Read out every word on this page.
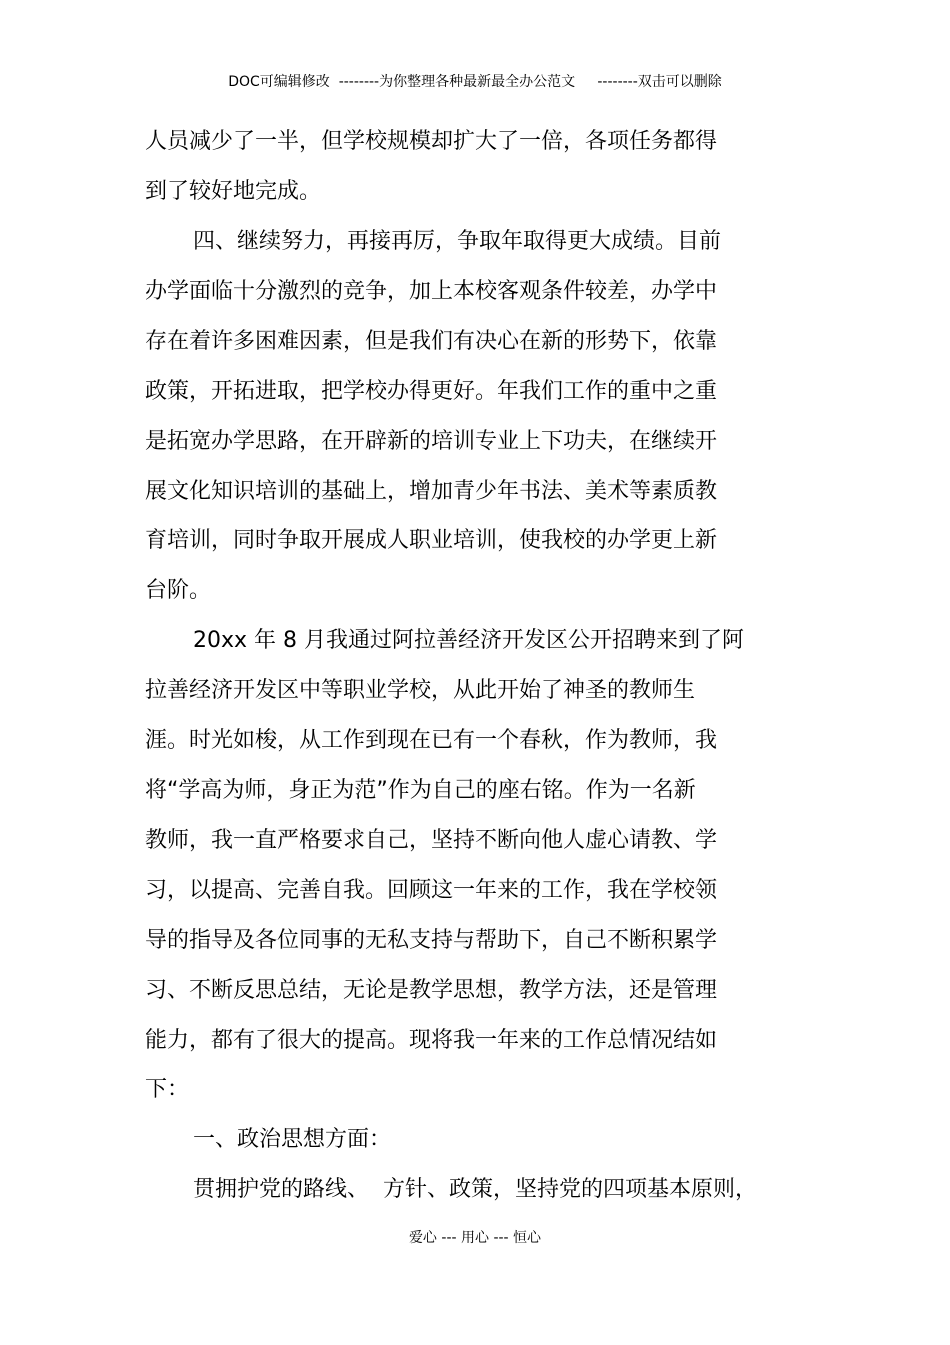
DOC可编辑修改  --------为你整理各种最新最全办公范文     --------双击可以删除
人员减少了一半，但学校规模却扩大了一倍，各项任务都得
到了较好地完成。
四、继续努力，再接再厉，争取年取得更大成绩。目前
办学面临十分激烈的竞争，加上本校客观条件较差，办学中
存在着许多困难因素，但是我们有决心在新的形势下，依靠
政策，开拓进取，把学校办得更好。年我们工作的重中之重
是拓宽办学思路，在开辟新的培训专业上下功夫，在继续开
展文化知识培训的基础上，增加青少年书法、美术等素质教
育培训，同时争取开展成人职业培训，使我校的办学更上新
台阶。
20xx 年 8 月我通过阿拉善经济开发区公开招聘来到了阿
拉善经济开发区中等职业学校，从此开始了神圣的教师生
涯。时光如梭，从工作到现在已有一个春秋，作为教师，我
将“学高为师，身正为范”作为自己的座右铭。作为一名新
教师，我一直严格要求自己，坚持不断向他人虚心请教、学
习，以提高、完善自我。回顾这一年来的工作，我在学校领
导的指导及各位同事的无私支持与帮助下，自己不断积累学
习、不断反思总结，无论是教学思想，教学方法，还是管理
能力，都有了很大的提高。现将我一年来的工作总情况结如
下：
一、政治思想方面：
贯拥护党的路线、  方针、政策，坚持党的四项基本原则，
爱心 --- 用心 --- 恒心
